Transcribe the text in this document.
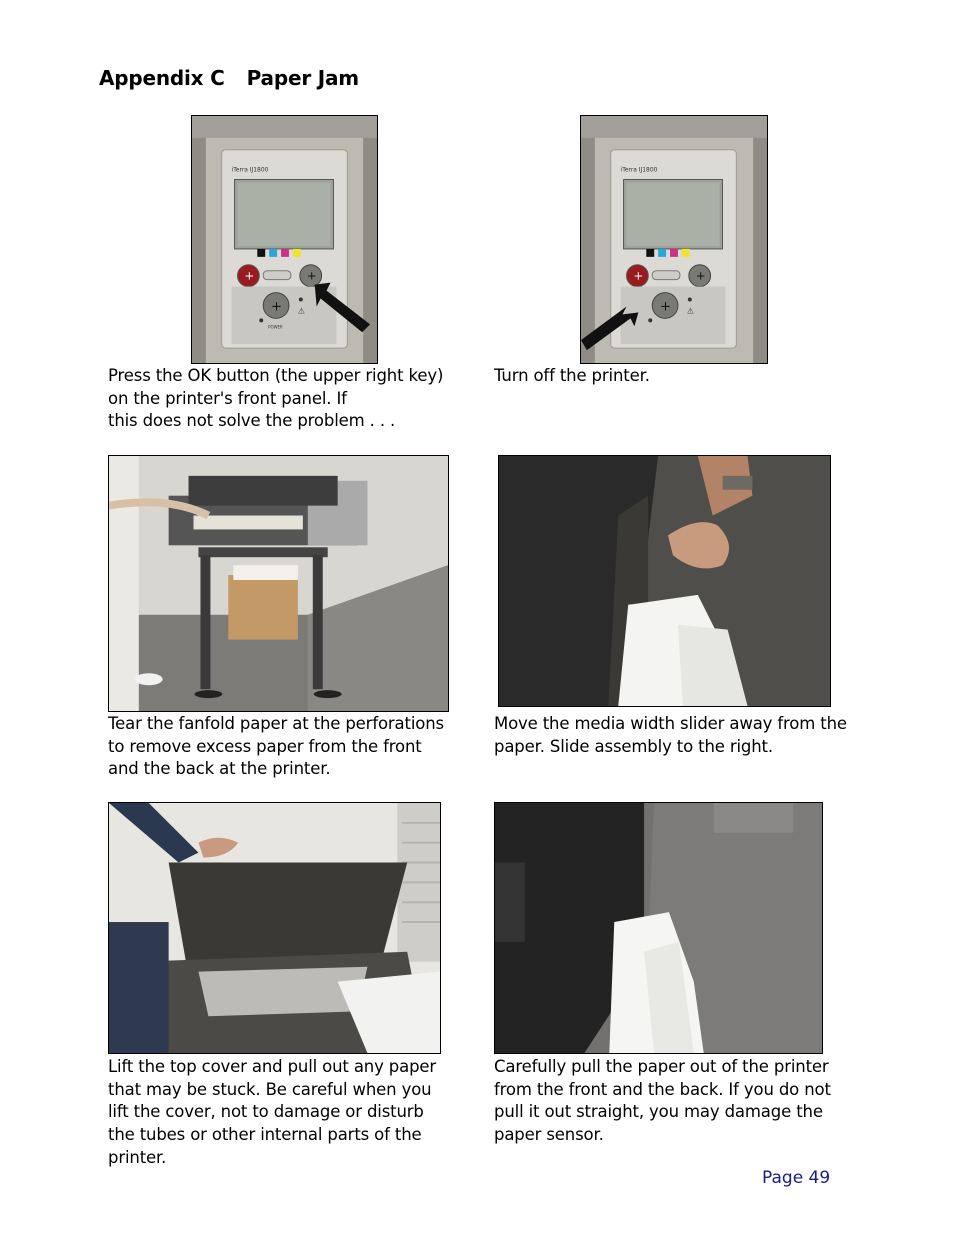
Appendix C Paper Jam
iTerra IJ1800
+	+
+ ⚠
POWER
iTerra IJ1800
+	+
+ ⚠
Press the OK button (the upper right key)
on the printer's front panel. If
this does not solve the problem . . .
Turn off the printer.
Tear the fanfold paper at the perforations
to remove excess paper from the front
and the back at the printer.
Move the media width slider away from the
paper. Slide assembly to the right.
Lift the top cover and pull out any paper
that may be stuck. Be careful when you
lift the cover, not to damage or disturb
the tubes or other internal parts of the
printer.
Carefully pull the paper out of the printer
from the front and the back. If you do not
pull it out straight, you may damage the
paper sensor.
Page 49
